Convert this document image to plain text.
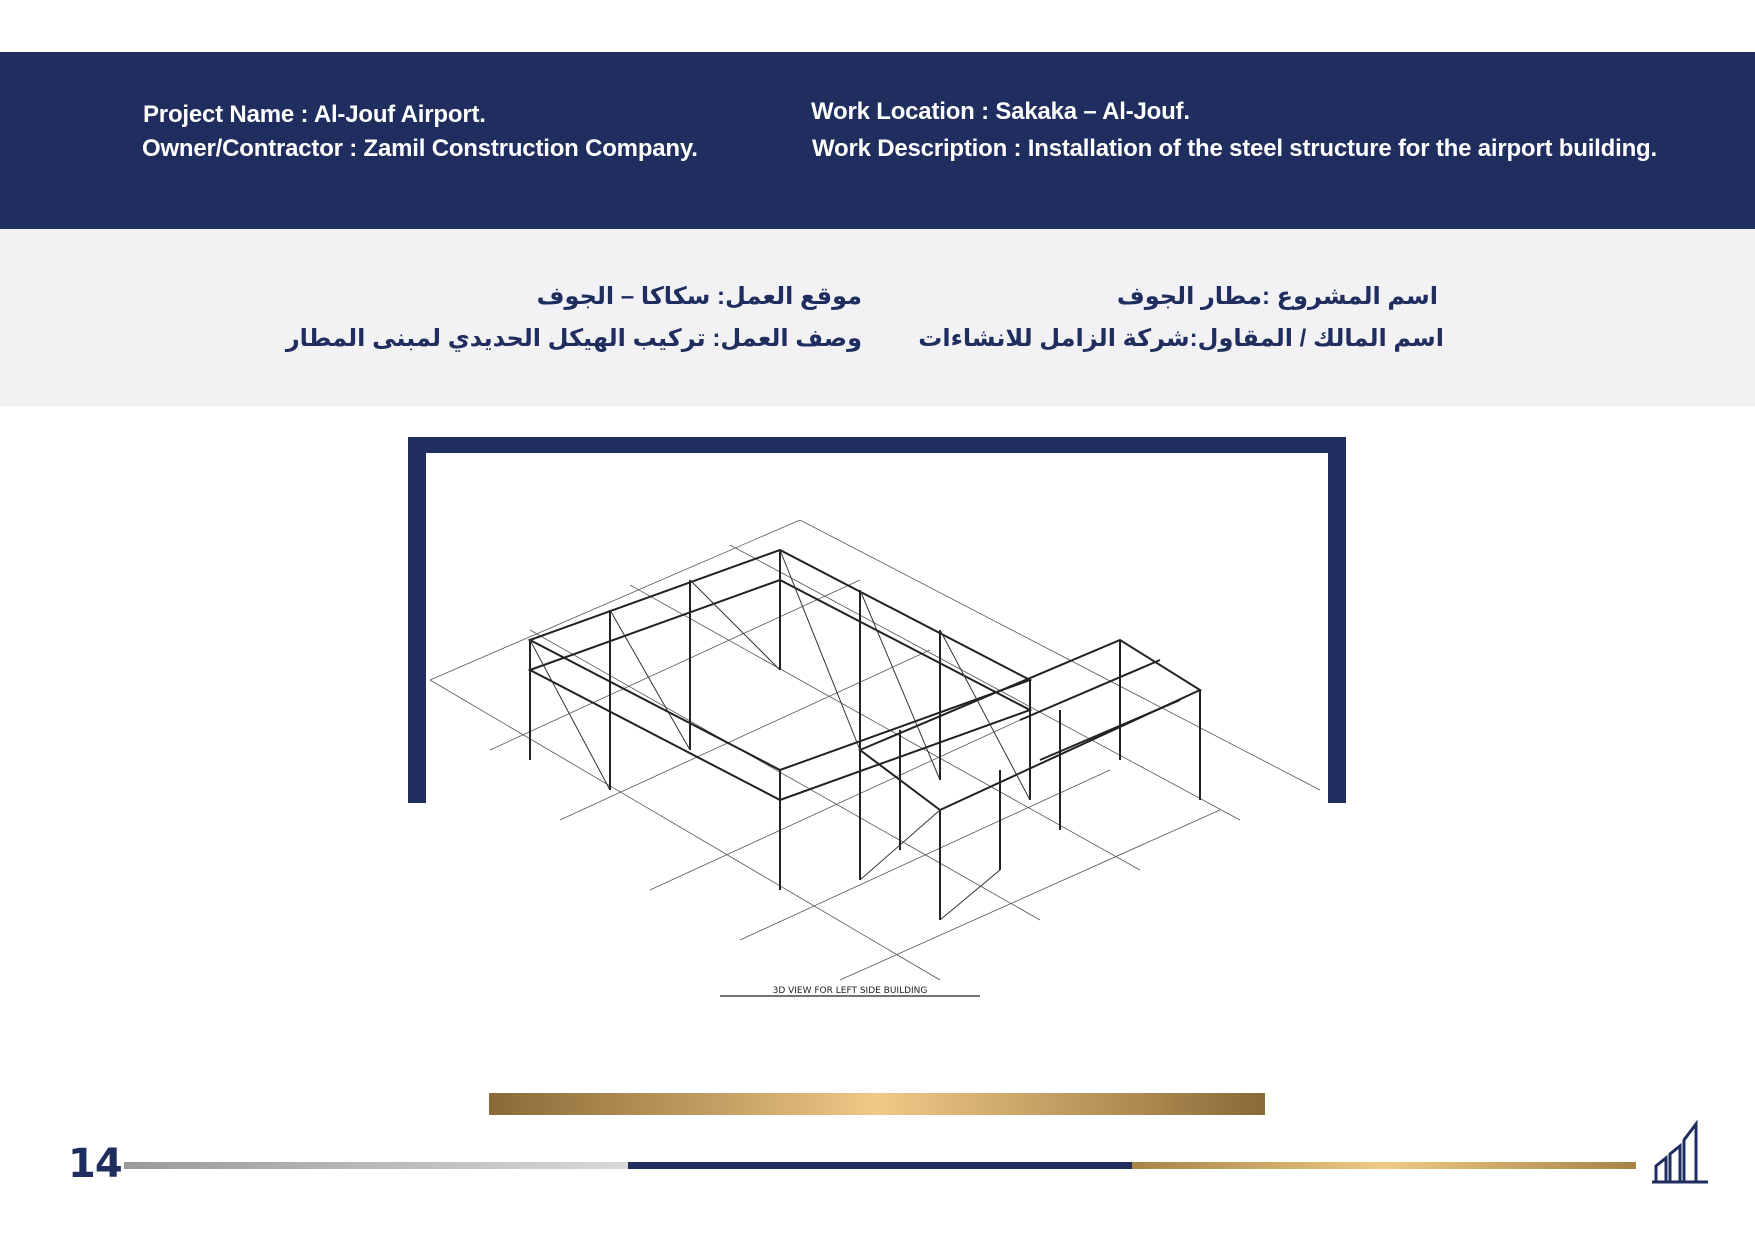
Project Name : Al-Jouf Airport.
Owner/Contractor : Zamil Construction Company.
Work Location : Sakaka – Al-Jouf.
Work Description : Installation of the steel structure for the airport building.
اسم المشروع :مطار الجوف
اسم المالك / المقاول:شركة الزامل للانشاءات
موقع العمل: سكاكا – الجوف
وصف العمل: تركيب الهيكل الحديدي لمبنى المطار
3D VIEW FOR LEFT SIDE BUILDING
14
